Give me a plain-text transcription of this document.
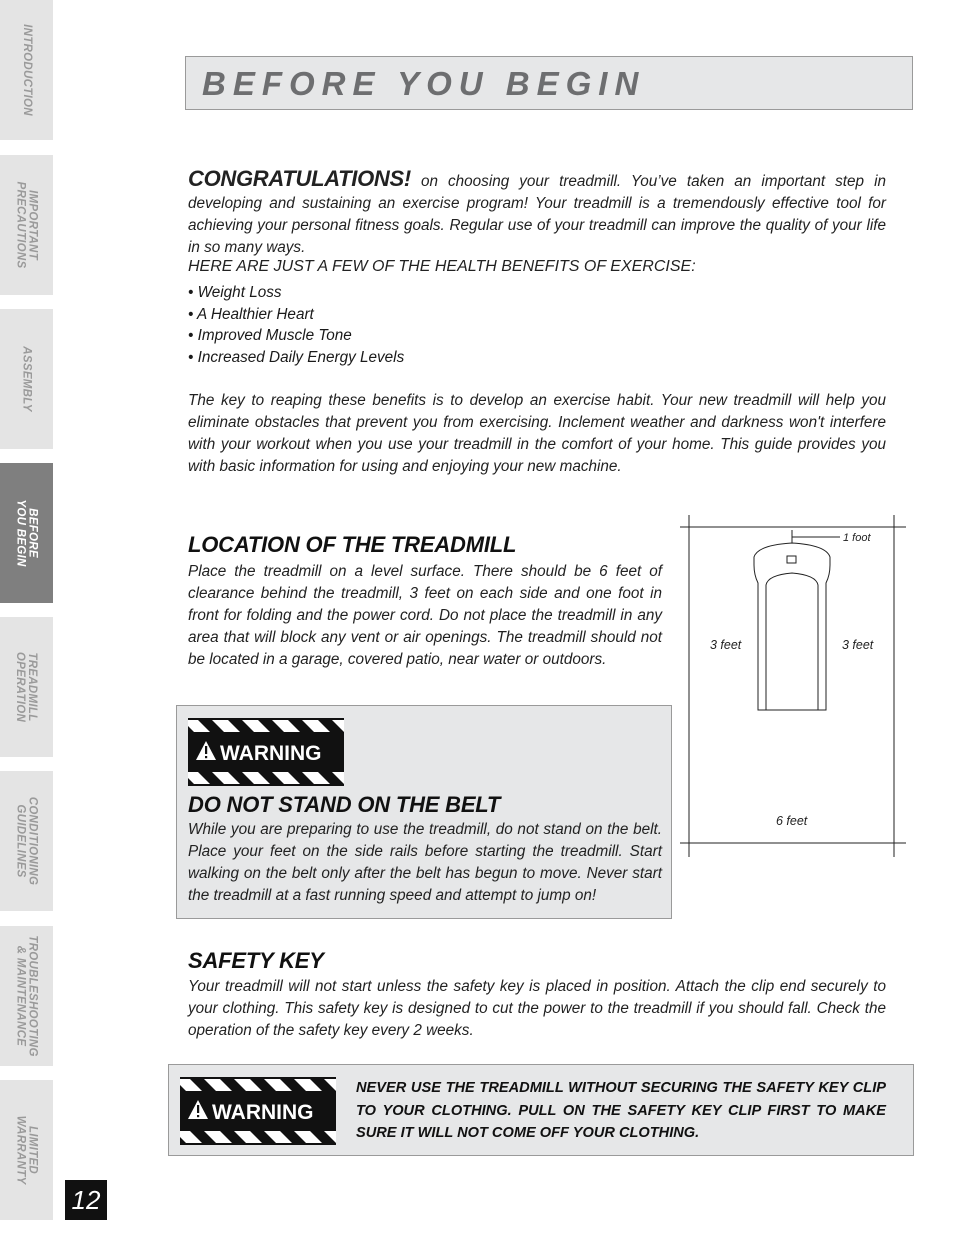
INTRODUCTION
IMPORTANT
PRECAUTIONS
ASSEMBLY
BEFORE
YOU BEGIN
TREADMILL
OPERATION
CONDITIONING
GUIDELINES
TROUBLESHOOTING
& MAINTENANCE
LIMITED
WARRANTY
12
BEFORE YOU BEGIN
CONGRATULATIONS! on choosing your treadmill. You’ve taken an important step in developing and sustaining an exercise program! Your treadmill is a tremendously effective tool for achieving your personal fitness goals. Regular use of your treadmill can improve the quality of your life in so many ways.
HERE ARE JUST A FEW OF THE HEALTH BENEFITS OF EXERCISE:
• Weight Loss
• A Healthier Heart
• Improved Muscle Tone
• Increased Daily Energy Levels

The key to reaping these benefits is to develop an exercise habit. Your new treadmill will help you eliminate obstacles that prevent you from exercising. Inclement weather and darkness won't interfere with your workout when you use your treadmill in the comfort of your home. This guide provides you with basic information for using and enjoying your new machine.

LOCATION OF THE TREADMILL

Place the treadmill on a level surface. There should be 6 feet of clearance behind the treadmill, 3 feet on each side and one foot in front for folding and the power cord. Do not place the treadmill in any area that will block any vent or air openings. The treadmill should not be located in a garage, covered patio, near water or outdoors.

1 foot
3 feet	3 feet
6 feet
WARNING
DO NOT STAND ON THE BELT

While you are preparing to use the treadmill, do not stand on the belt. Place your feet on the side rails before starting the treadmill. Start walking on the belt only after the belt has begun to move. Never start the treadmill at a fast running speed and attempt to jump on!

SAFETY KEY

Your treadmill will not start unless the safety key is placed in position. Attach the clip end securely to your clothing. This safety key is designed to cut the power to the treadmill if you should fall. Check the operation of the safety key every 2 weeks.

WARNING

NEVER USE THE TREADMILL WITHOUT SECURING THE SAFETY KEY CLIP TO YOUR CLOTHING. PULL ON THE SAFETY KEY CLIP FIRST TO MAKE SURE IT WILL NOT COME OFF YOUR CLOTHING.
